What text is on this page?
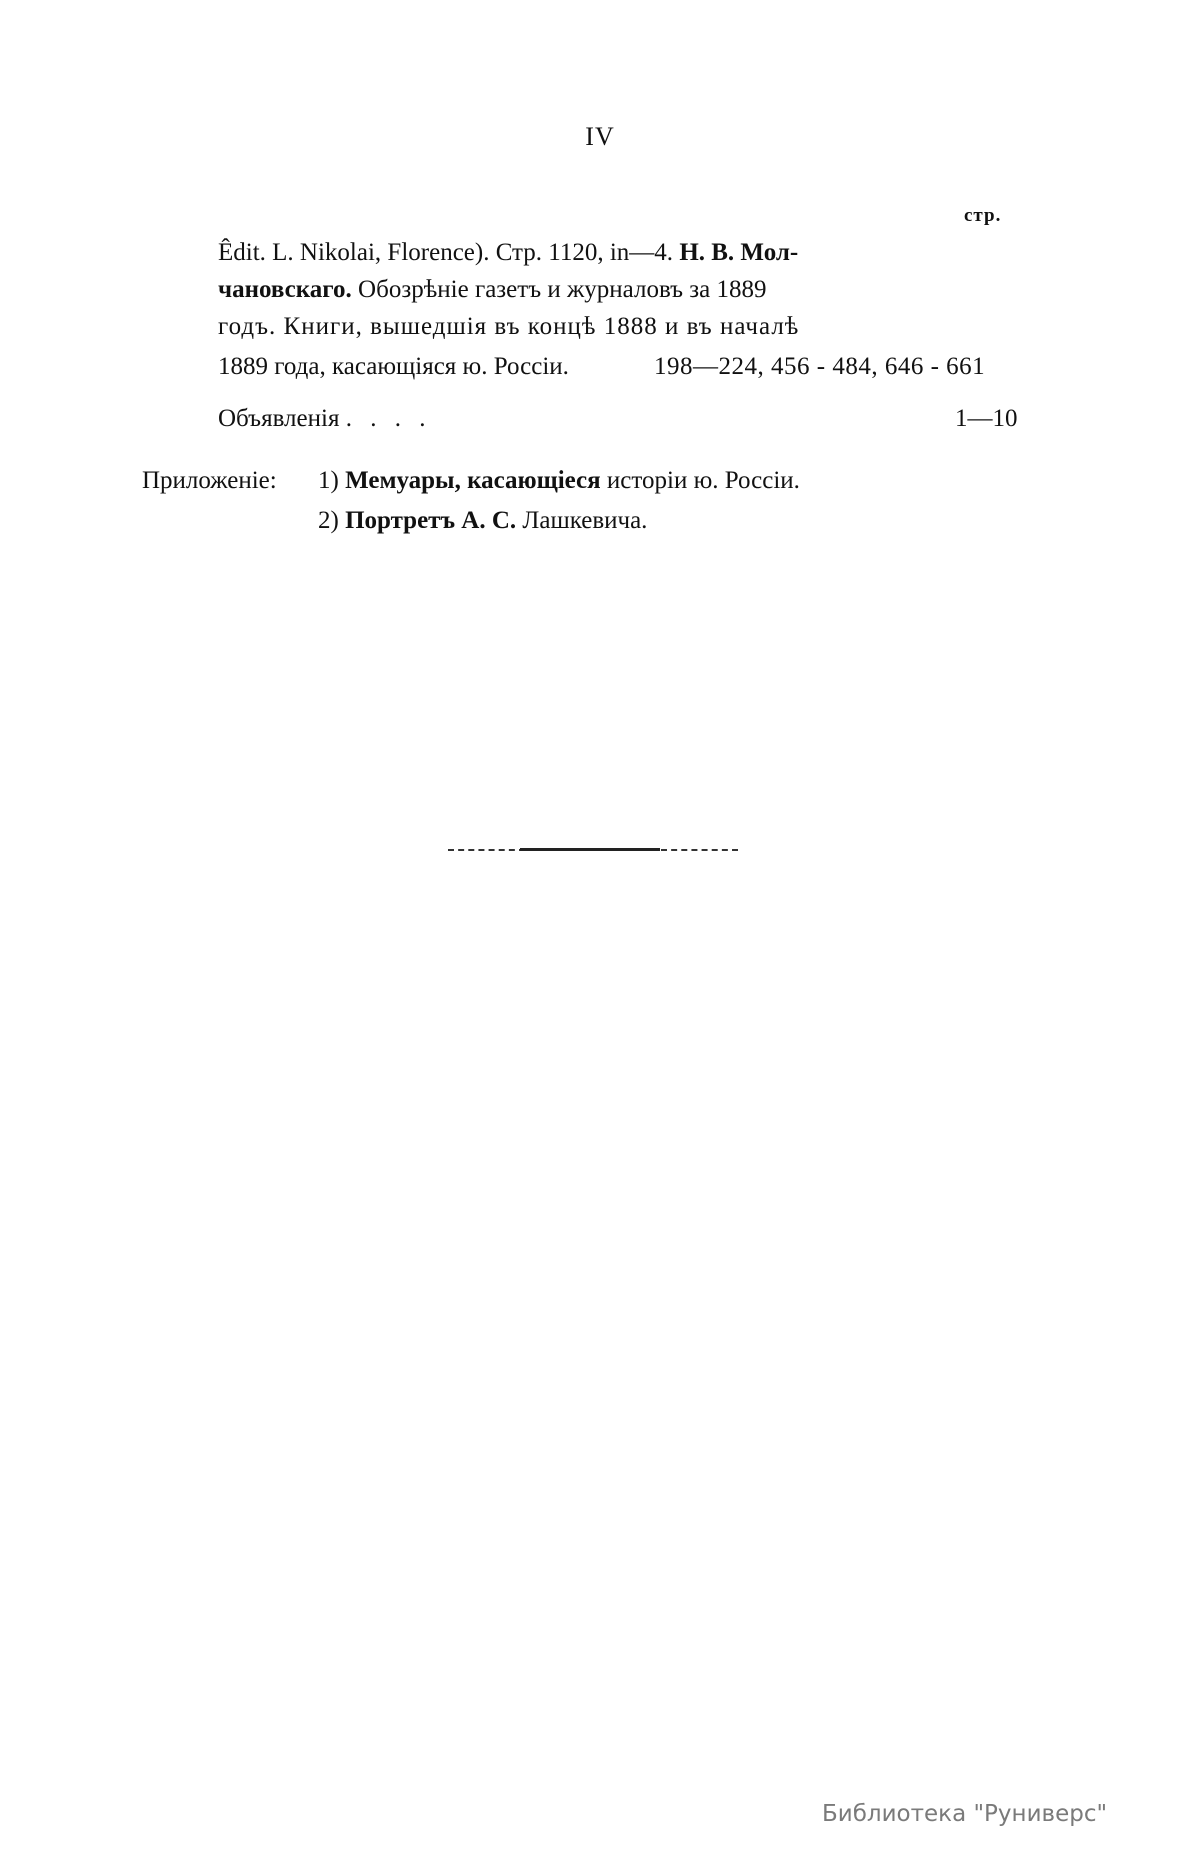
IV
стр.
Êdit. L. Nikolai, Florence). Стр. 1120, in—4. Н. В. Мол-
чановскаго. Обозрѣніе газетъ и журналовъ за 1889
годъ. Книги, вышедшія въ концѣ 1888 и въ началѣ
1889 года, касающіяся ю. Россіи.	198—224, 456 - 484, 646 - 661
Объявленія . . . .	1—10
Приложеніе: 1) Мемуары, касающіеся исторіи ю. Россіи.
2) Портретъ А. С. Лашкевича.
Библиотека "Руниверс"
